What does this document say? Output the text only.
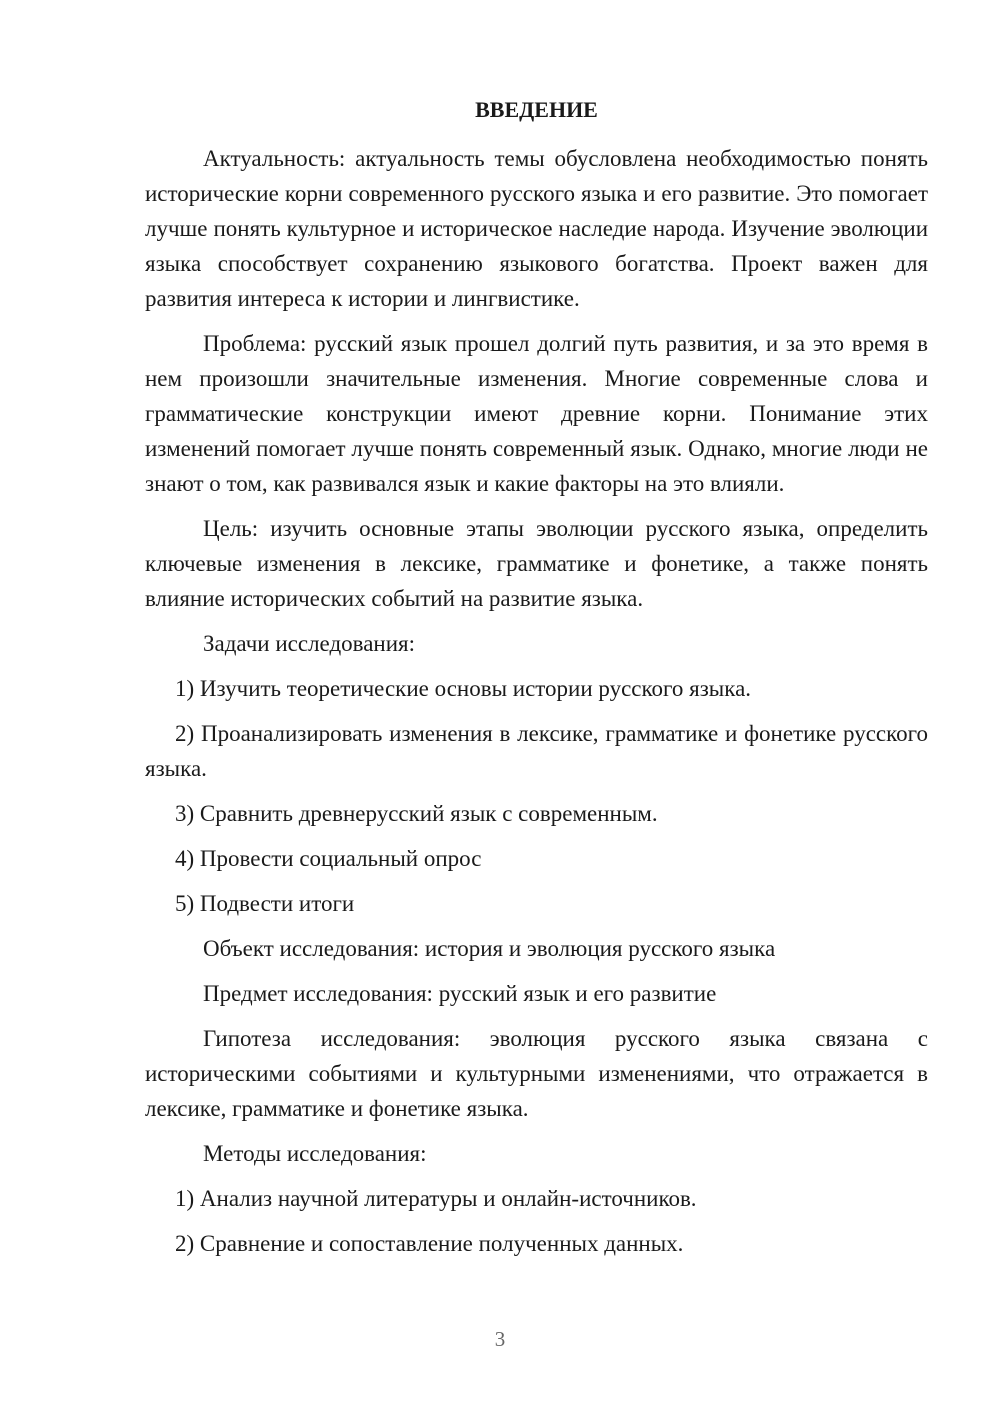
ВВЕДЕНИЕ

Актуальность: актуальность темы обусловлена необходимостью понять исторические корни современного русского языка и его развитие. Это помогает лучше понять культурное и историческое наследие народа. Изучение эволюции языка способствует сохранению языкового богатства. Проект важен для развития интереса к истории и лингвистике.

Проблема: русский язык прошел долгий путь развития, и за это время в нем произошли значительные изменения. Многие современные слова и грамматические конструкции имеют древние корни. Понимание этих изменений помогает лучше понять современный язык. Однако, многие люди не знают о том, как развивался язык и какие факторы на это влияли.

Цель: изучить основные этапы эволюции русского языка, определить ключевые изменения в лексике, грамматике и фонетике, а также понять влияние исторических событий на развитие языка.

Задачи исследования:

1) Изучить теоретические основы истории русского языка.

2) Проанализировать изменения в лексике, грамматике и фонетике русского языка.

3) Сравнить древнерусский язык с современным.

4) Провести социальный опрос

5) Подвести итоги

Объект исследования: история и эволюция русского языка

Предмет исследования: русский язык и его развитие

Гипотеза исследования: эволюция русского языка связана с историческими событиями и культурными изменениями, что отражается в лексике, грамматике и фонетике языка.

Методы исследования:

1) Анализ научной литературы и онлайн-источников.

2) Сравнение и сопоставление полученных данных.

3
